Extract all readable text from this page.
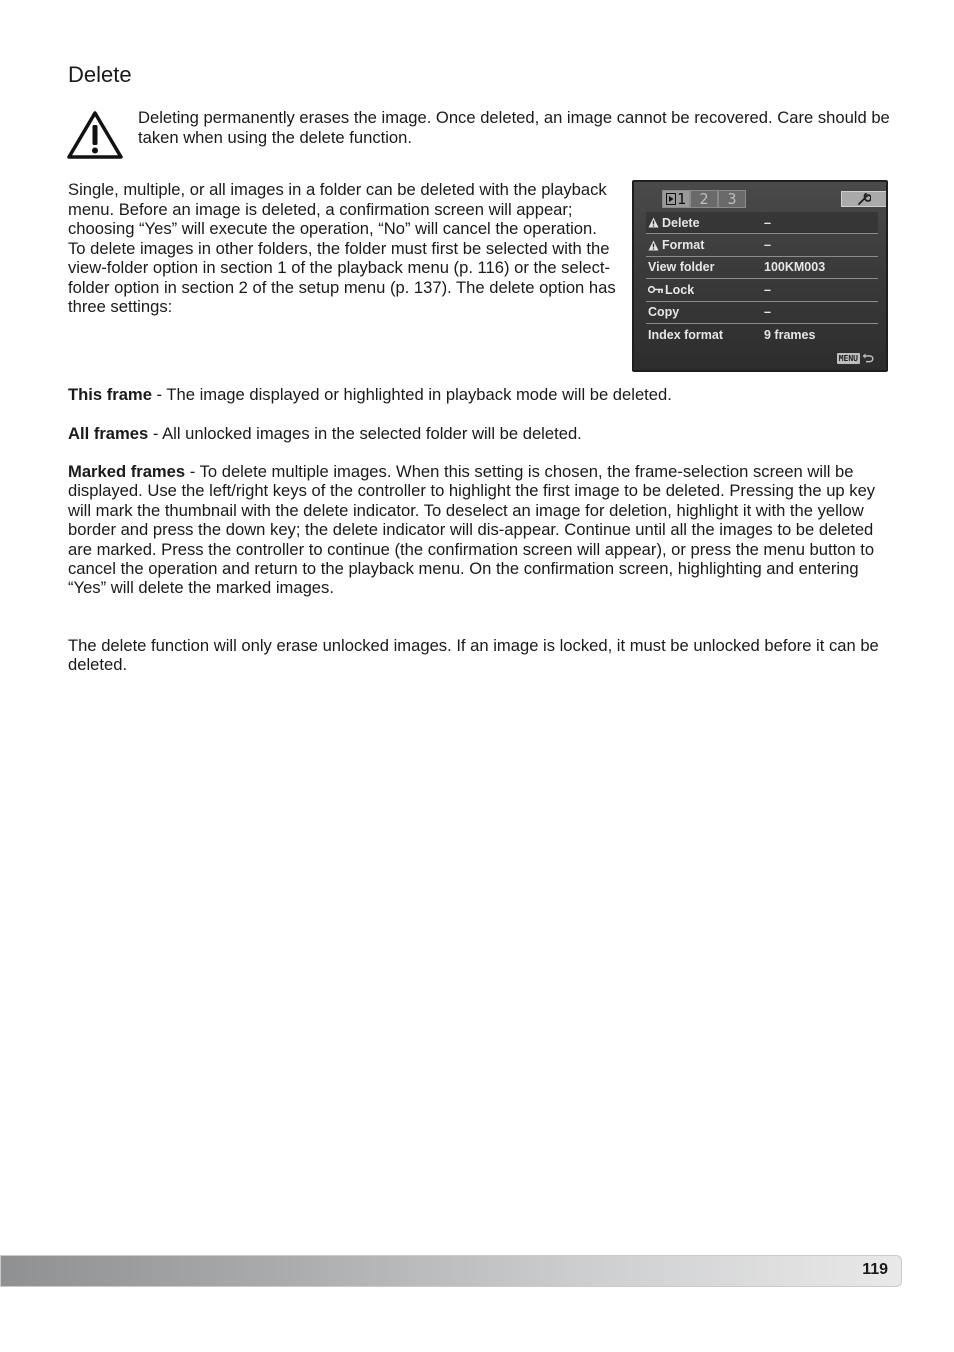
Delete

Deleting permanently erases the image. Once deleted, an image cannot be recovered. Care should be taken when using the delete function.

Single, multiple, or all images in a folder can be deleted with the playback menu. Before an image is deleted, a confirmation screen will appear; choosing “Yes” will execute the operation, “No” will cancel the operation. To delete images in other folders, the folder must first be selected with the view-folder option in section 1 of the playback menu (p. 116) or the select-folder option in section 2 of the setup menu (p. 137). The delete option has three settings:

1 2	3
Delete	–
Format	–
View folder	100KM003
Lock	–
Copy	–
Index format	9 frames
MENU

This frame - The image displayed or highlighted in playback mode will be deleted.

All frames - All unlocked images in the selected folder will be deleted.

Marked frames - To delete multiple images. When this setting is chosen, the frame-selection screen will be displayed. Use the left/right keys of the controller to highlight the first image to be deleted. Pressing the up key will mark the thumbnail with the delete indicator. To deselect an image for deletion, highlight it with the yellow border and press the down key; the delete indicator will dis-appear. Continue until all the images to be deleted are marked. Press the controller to continue (the confirmation screen will appear), or press the menu button to cancel the operation and return to the playback menu. On the confirmation screen, highlighting and entering “Yes” will delete the marked images.

The delete function will only erase unlocked images. If an image is locked, it must be unlocked before it can be deleted.

119
